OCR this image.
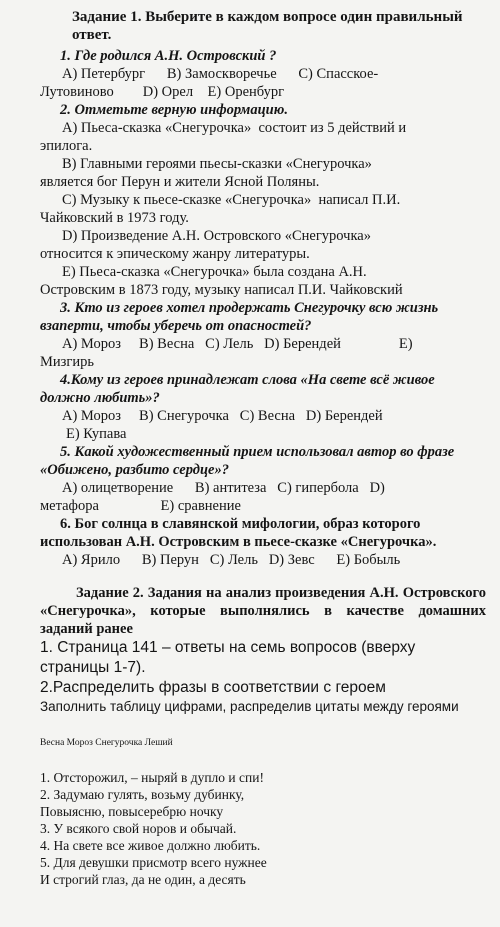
Задание 1. Выберите в каждом вопросе один правильный ответ.
1. Где родился А.Н. Островский ?
А) Петербург      В) Замоскворечье      С) Спасское-
Лутовиново        D) Орел    Е) Оренбург
2. Отметьте верную информацию.
А) Пьеса-сказка «Снегурочка»  состоит из 5 действий и
эпилога.
В) Главными героями пьесы-сказки «Снегурочка»
является бог Перун и жители Ясной Поляны.
С) Музыку к пьесе-сказке «Снегурочка»  написал П.И.
Чайковский в 1973 году.
D) Произведение А.Н. Островского «Снегурочка»
относится к эпическому жанру литературы.
Е) Пьеса-сказка «Снегурочка» была создана А.Н.
Островским в 1873 году, музыку написал П.И. Чайковский
3. Кто из героев хотел продержать Снегурочку всю жизнь взаперти, чтобы уберечь от опасностей?
А) Мороз     В) Весна   С) Лель   D) Берендей                Е)
Мизгирь
4.Кому из героев принадлежат слова «На свете всё живое должно любить»?
А) Мороз     В) Снегурочка   С) Весна   D) Берендей
Е) Купава
5. Какой художественный прием использовал автор во фразе «Обижено, разбито сердце»?
А) олицетворение      В) антитеза   С) гипербола   D)
метафора                 Е) сравнение
6. Бог солнца в славянской мифологии, образ которого использован А.Н. Островским в пьесе-сказке «Снегурочка».
А) Ярило      В) Перун   С) Лель   D) Зевс      Е) Бобыль
Задание 2. Задания на анализ произведения А.Н. Островского «Снегурочка», которые выполнялись в качестве домашних заданий ранее
1. Страница 141 – ответы на семь вопросов (вверху страницы 1-7).
2.Распределить фразы в соответствии с героем
Заполнить таблицу цифрами, распределив цитаты между героями
Весна Мороз Снегурочка Леший
1. Отсторожил, – ныряй в дупло и спи!
2. Задумаю гулять, возьму дубинку,
Повыясню, повысеребрю ночку
3. У всякого свой норов и обычай.
4. На свете все живое должно любить.
5. Для девушки присмотр всего нужнее
И строгий глаз, да не один, а десять
